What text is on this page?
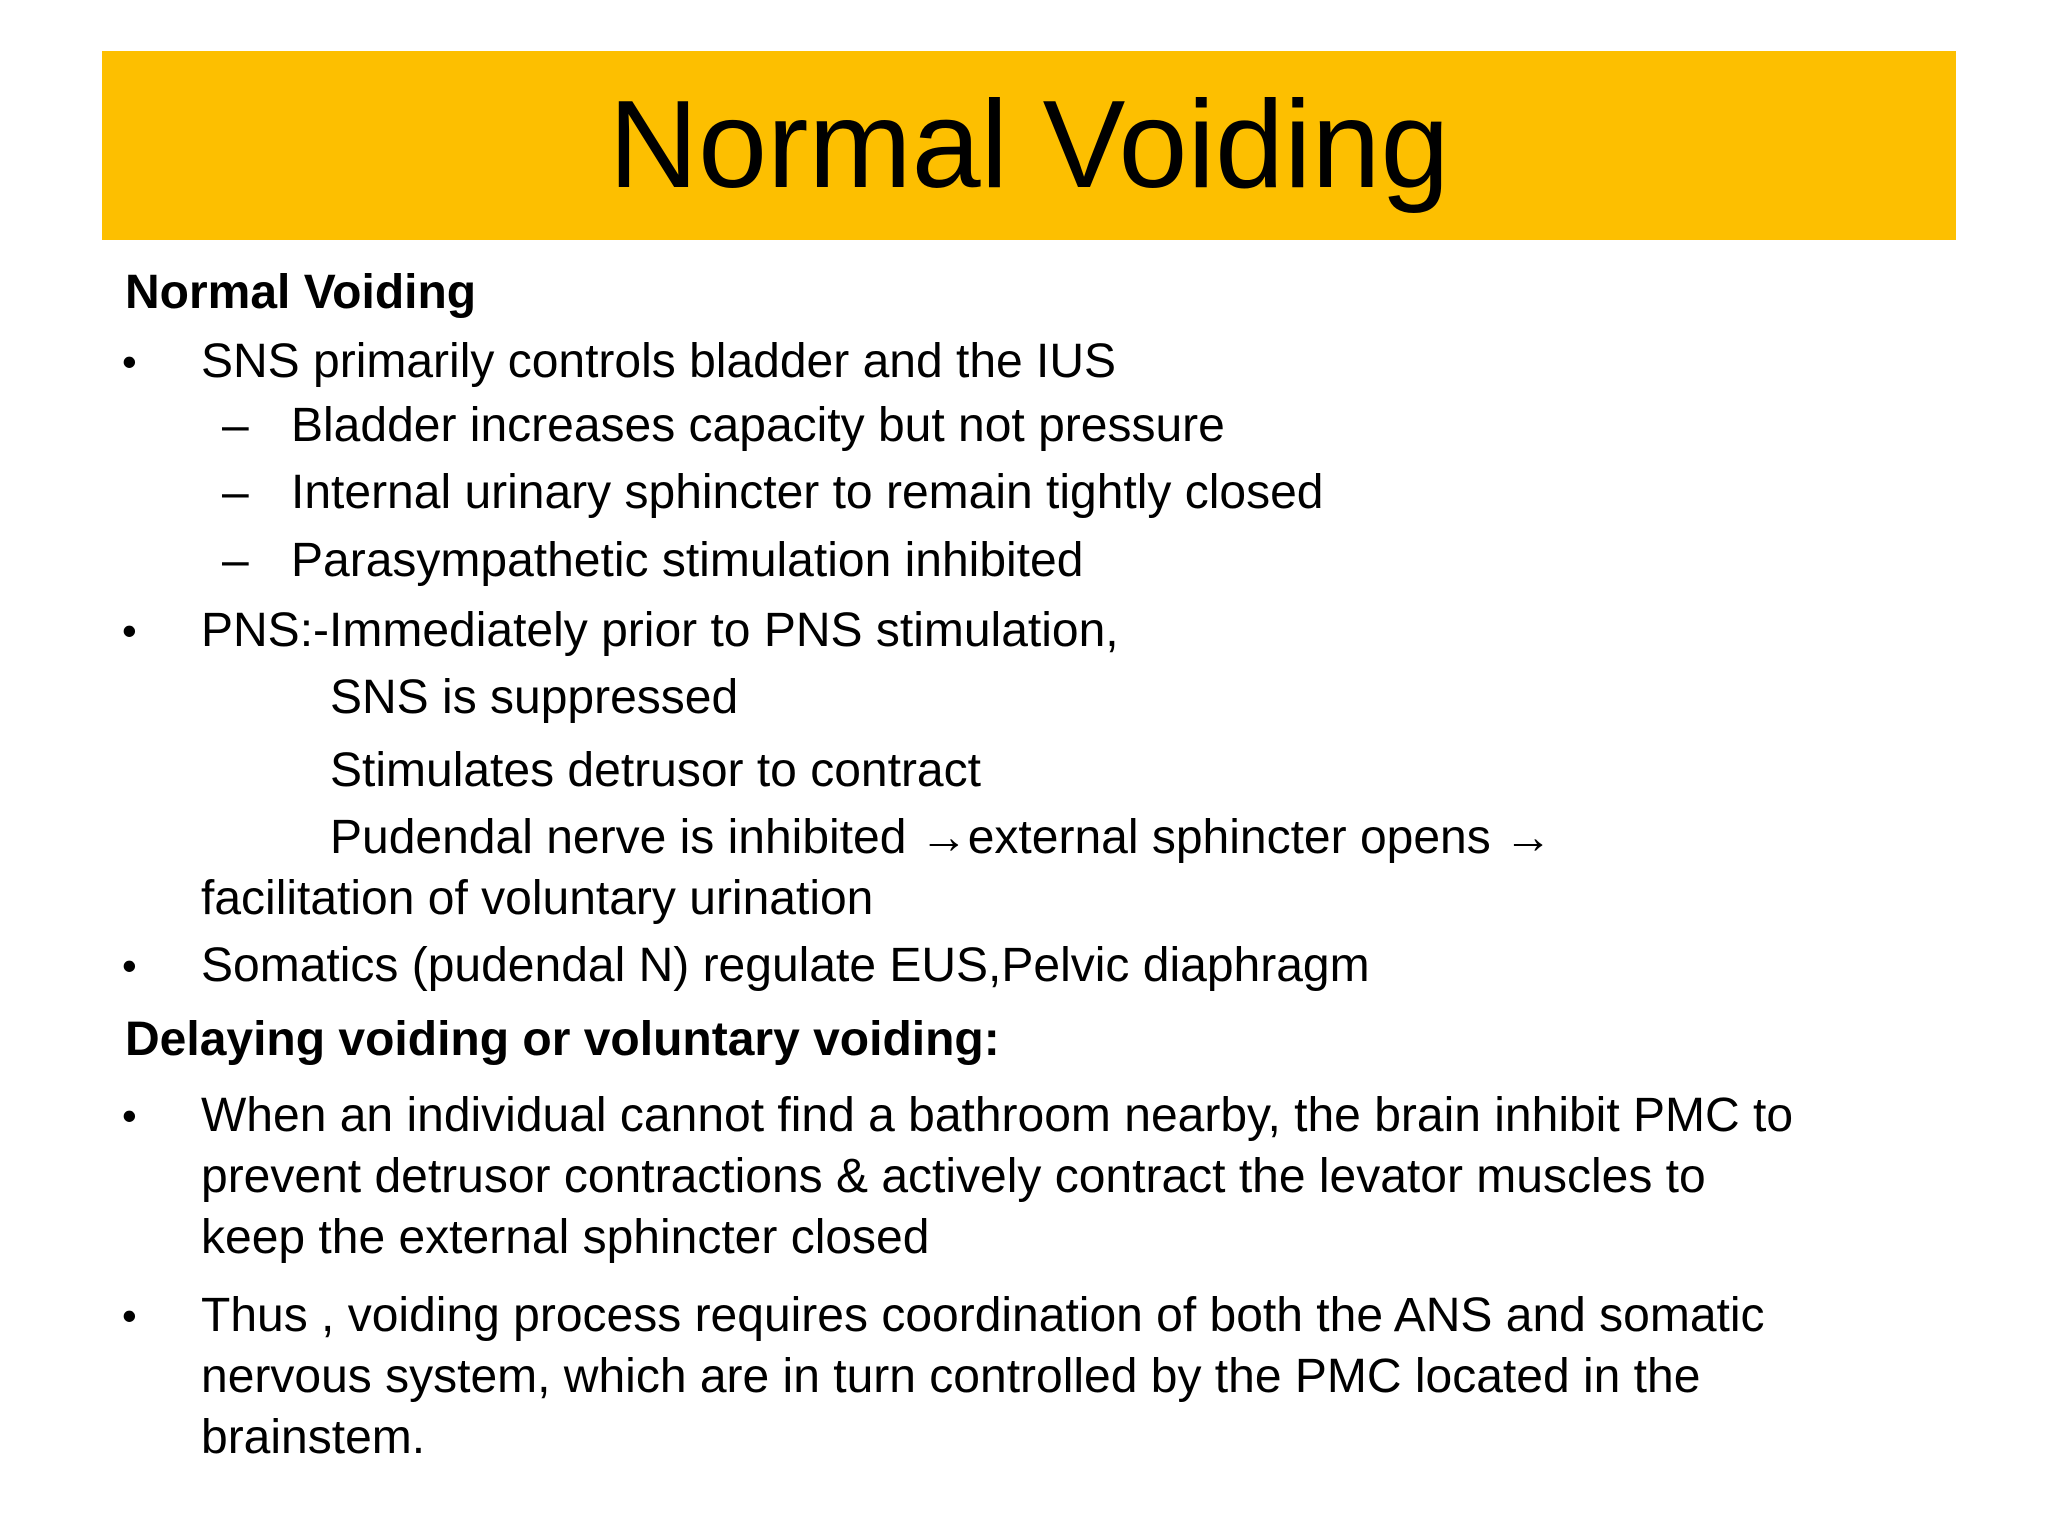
Normal Voiding
Normal Voiding
• SNS primarily controls bladder and the IUS
– Bladder increases capacity but not pressure
– Internal urinary sphincter to remain tightly closed
– Parasympathetic stimulation inhibited
• PNS:-Immediately prior to PNS stimulation,
SNS is suppressed
Stimulates detrusor to contract
Pudendal nerve is inhibited →external sphincter opens →
facilitation of voluntary urination
• Somatics (pudendal N) regulate EUS,Pelvic diaphragm
Delaying voiding or voluntary voiding:
• When an individual cannot find a bathroom nearby, the brain inhibit PMC to
prevent detrusor contractions & actively contract the levator muscles to
keep the external sphincter closed
• Thus , voiding process requires coordination of both the ANS and somatic
nervous system, which are in turn controlled by the PMC located in the
brainstem.
